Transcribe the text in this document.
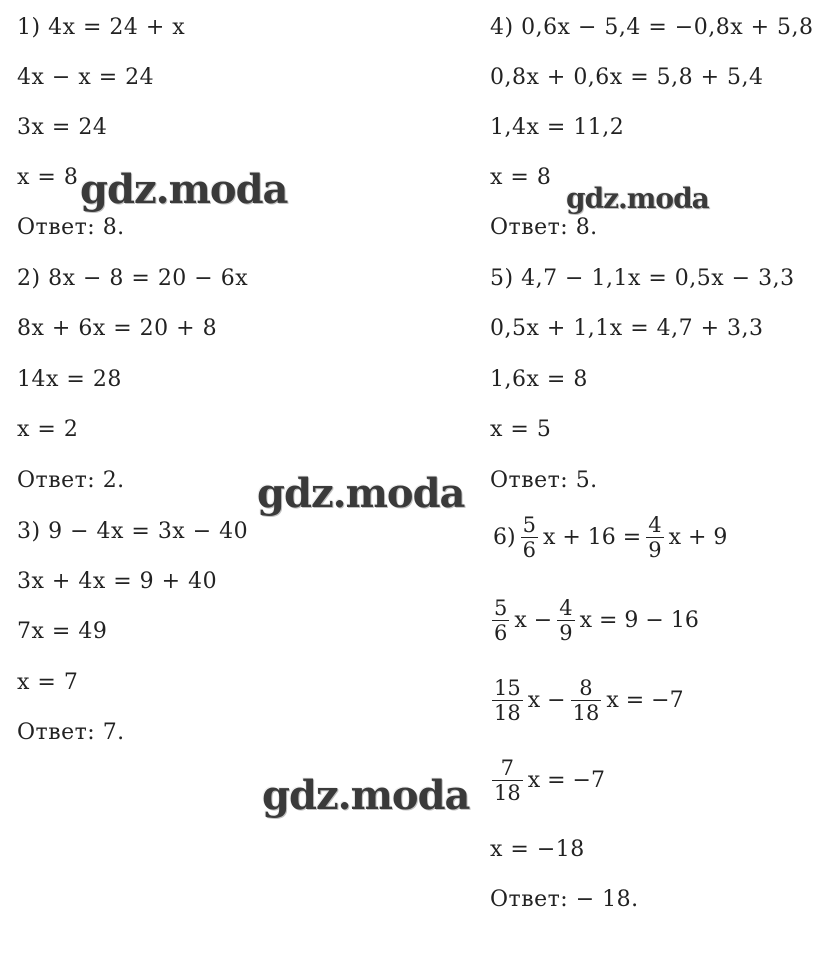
1) 4x = 24 + x
4x − x = 24
3x = 24
x = 8
Ответ: 8.
2) 8x − 8 = 20 − 6x
8x + 6x = 20 + 8
14x = 28
x = 2
Ответ: 2.
3) 9 − 4x = 3x − 40
3x + 4x = 9 + 40
7x = 49
x = 7
Ответ: 7.
$6) \frac{5}{6}$ $x + 16 = \frac{4}{9}$ x + 9
$\frac{5}{6}$ $x - \frac{4}{9}$ x = 9 − 16
$\frac{15}{18}$ $x - \frac{8}{18}$ x = −7
$\frac{7}{18}$ x = −7
4) 0,6x − 5,4 = −0,8x + 5,8
0,8x + 0,6x = 5,8 + 5,4
1,4x = 11,2
x = 8
Ответ: 8.
5) 4,7 − 1,1x = 0,5x − 3,3
0,5x + 1,1x = 4,7 + 3,3
1,6x = 8
x = 5
Ответ: 5.
x = −18
Ответ: − 18.
gdz.moda	gdz.moda
gdz.moda
gdz.moda
